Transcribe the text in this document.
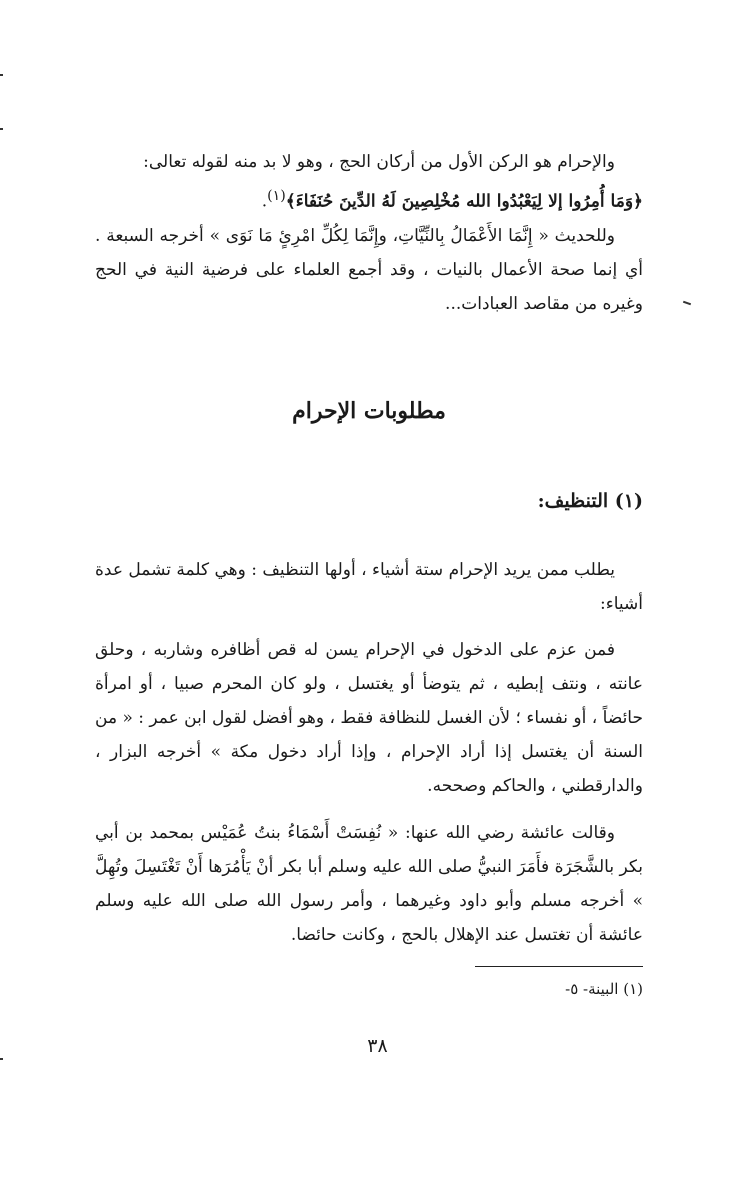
والإحرام هو الركن الأول من أركان الحج ، وهو لا بد منه لقوله تعالى:

﴿وَمَا أُمِرُوا إلا لِيَعْبُدُوا الله مُخْلِصِينَ لَهُ الدِّينَ حُنَفَاءَ﴾$^{(١)}$.

وللحديث « إِنَّمَا الأَعْمَالُ بِالنِّيَّاتِ، وإِنَّمَا لِكُلِّ امْرِئٍ مَا نَوَى » أخرجه السبعة . أي إنما صحة الأعمال بالنيات ، وقد أجمع العلماء على فرضية النية في الحج وغيره من مقاصد العبادات...

مطلوبات الإحرام
(١) التنظيف:

يطلب ممن يريد الإحرام ستة أشياء ، أولها التنظيف : وهي كلمة تشمل عدة أشياء:

فمن عزم على الدخول في الإحرام يسن له قص أظافره وشاربه ، وحلق عانته ، ونتف إبطيه ، ثم يتوضأ أو يغتسل ، ولو كان المحرم صبيا ، أو امرأة حائضاً ، أو نفساء ؛ لأن الغسل للنظافة فقط ، وهو أفضل لقول ابن عمر : « من السنة أن يغتسل إذا أراد الإحرام ، وإذا أراد دخول مكة » أخرجه البزار ، والدارقطني ، والحاكم وصححه.

وقالت عائشة رضي الله عنها: « نُفِسَتْ أَسْمَاءُ بنتُ عُمَيْس بمحمد بن أبي بكر بالشَّجَرَة فأَمَرَ النبيُّ صلى الله عليه وسلم أبا بكر أنْ يَأْمُرَها أَنْ تَغْتَسِلَ وتُهِلَّ » أخرجه مسلم وأبو داود وغيرهما ، وأمر رسول الله صلى الله عليه وسلم عائشة أن تغتسل عند الإهلال بالحج ، وكانت حائضا.

(١) البينة- ٥-
٣٨
